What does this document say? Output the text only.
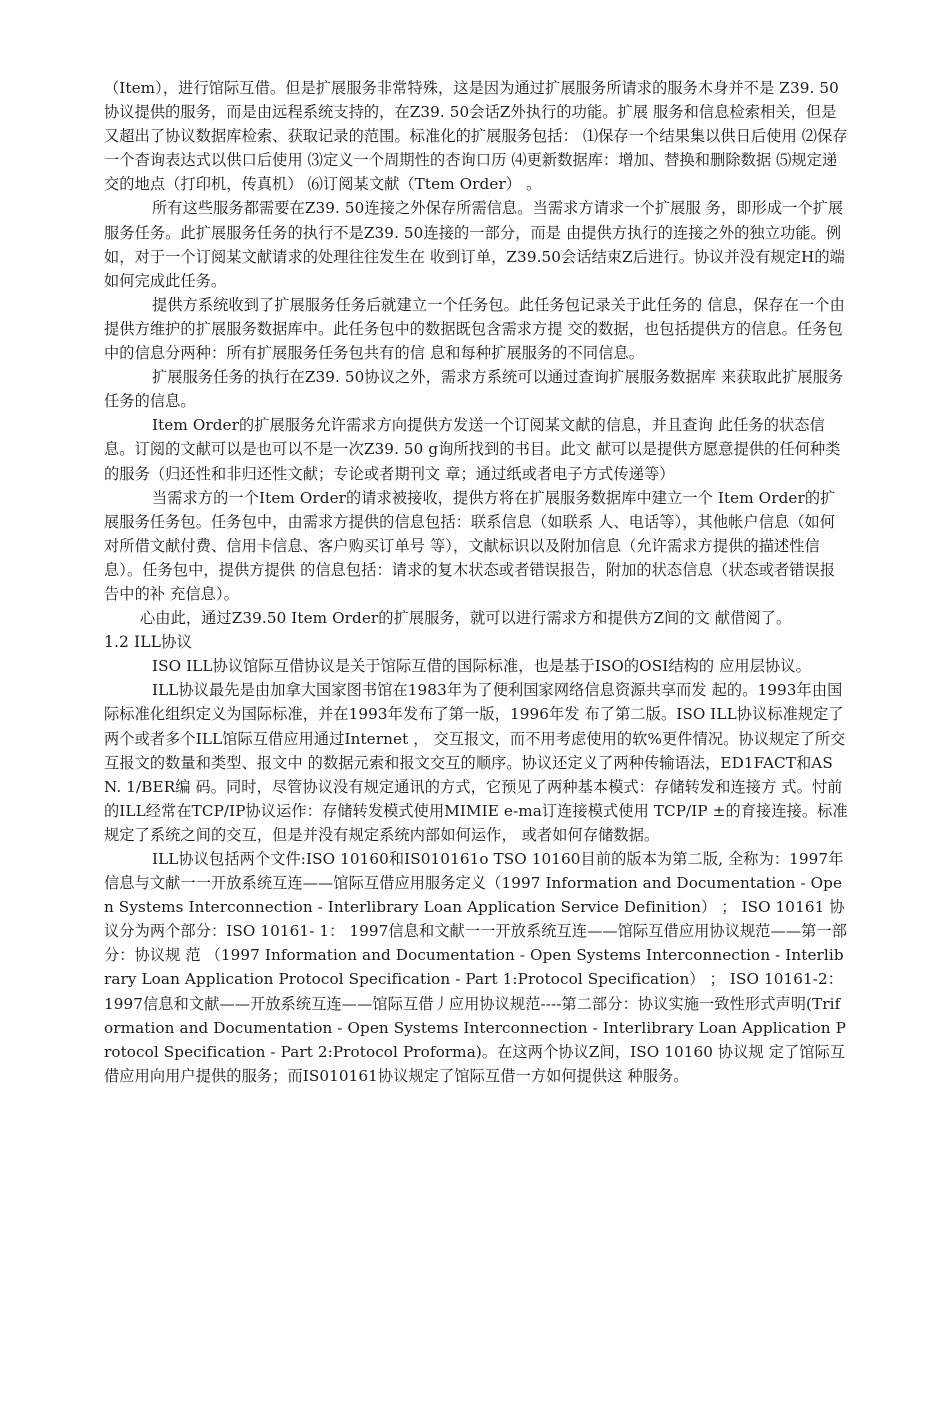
（Item），进行馆际互借。但是扩展服务非常特殊，这是因为通过扩展服务所请求的服务木身并不是 Z39. 50协议提供的服务，而是由远程系统支持的，在Z39. 50会话Z外执行的功能。扩展 服务和信息检索相关，但是又超出了协议数据库检索、获取记录的范围。标准化的扩展服务包括： ⑴保存一个结果集以供日后使用 ⑵保存一个杳询表达式以供口后使用 ⑶定义一个周期性的杏询口历 ⑷更新数据库：增加、替换和删除数据 ⑸规定递交的地点（打印机，传真机） ⑹订阅某文献（Ttem Order） 。

所有这些服务都需要在Z39. 50连接之外保存所需信息。当需求方请求一个扩展服 务，即形成一个扩展服务任务。此扩展服务任务的执行不是Z39. 50连接的一部分，而是 由提供方执行的连接之外的独立功能。例如，对于一个订阅某文献请求的处理往往发生在 收到订单，Z39.50会话结束Z后进行。协议并没有规定H的端如何完成此任务。

提供方系统收到了扩展服务任务后就建立一个任务包。此任务包记录关于此任务的 信息，保存在一个由提供方维护的扩展服务数据库中。此任务包中的数据既包含需求方提 交的数据，也包括提供方的信息。任务包中的信息分两种：所有扩展服务任务包共有的信 息和每种扩展服务的不同信息。

扩展服务任务的执行在Z39. 50协议之外，需求方系统可以通过查询扩展服务数据库 来获取此扩展服务任务的信息。

Item Order的扩展服务允许需求方向提供方发送一个订阅某文献的信息，并且查询 此任务的状态信息。订阅的文献可以是也可以不是一次Z39. 50 g询所找到的书目。此文 献可以是提供方愿意提供的任何种类的服务（归还性和非归还性文献；专论或者期刊文 章；通过纸或者电子方式传递等）

当需求方的一个Item Order的请求被接收，提供方将在扩展服务数据库中建立一个 Item Order的扩展服务任务包。任务包中，由需求方提供的信息包括：联系信息（如联系 人、电话等），其他帐户信息（如何对所借文献付费、信用卡信息、客户购买订单号 等），文献标识以及附加信息（允许需求方提供的描述性信息）。任务包中，提供方提供 的信息包括：请求的复木状态或者错误报告，附加的状态信息（状态或者错误报告中的补 充信息）。

心由此，通过Z39.50 Item Order的扩展服务，就可以进行需求方和提供方Z间的文 献借阅了。

1.2 ILL协议

ISO ILL协议馆际互借协议是关于馆际互借的国际标准，也是基于ISO的OSI结构的 应用层协议。

ILL协议最先是由加拿大国家图书馆在1983年为了便利国家网络信息资源共享而发 起的。1993年由国际标准化组织定义为国际标准，并在1993年发布了第一版，1996年发 布了第二版。ISO ILL协议标准规定了两个或者多个ILL馆际互借应用通过Internet ， 交互报文，而不用考虑使用的软%更件情况。协议规定了所交互报文的数量和类型、报文中 的数据元索和报文交互的顺序。协议还定义了两种传输语法，ED1FACT和ASN. 1/BER编 码。同时，尽管协议没有规定通讯的方式，它预见了两种基本模式：存储转发和连接方 式。忖前的ILL经常在TCP/IP协议运作：存储转发模式使用MIMIE e-ma订连接模式使用 TCP/IP ±的育接连接。标准规定了系统之间的交互，但是并没有规定系统内部如何运作， 或者如何存储数据。

ILL协议包括两个文件:ISO 10160和IS010161o TSO 10160目前的版本为第二版, 全称为：1997年信息与文献一一开放系统互连——馆际互借应用服务定义（1997 Information and Documentation - Open Systems Interconnection - Interlibrary Loan Application Service Definition） ； ISO 10161 协议分为两个部分：ISO 10161- 1： 1997信息和文献一一开放系统互连——馆际互借应用协议规范——第一部分：协议规 范 （1997 Information and Documentation - Open Systems Interconnection - Interlibrary Loan Application Protocol Specification - Part 1:Protocol Specification） ； ISO 10161-2： 1997信息和文献——开放系统互连——馆际互借丿应用协议规范----第二部分：协议实施一致性形式声明(Triformation and Documentation - Open Systems Interconnection - Interlibrary Loan Application Protocol Specification - Part 2:Protocol Proforma)。在这两个协议Z间，ISO 10160 协议规 定了馆际互借应用向用户提供的服务；而IS010161协议规定了馆际互借一方如何提供这 种服务。
